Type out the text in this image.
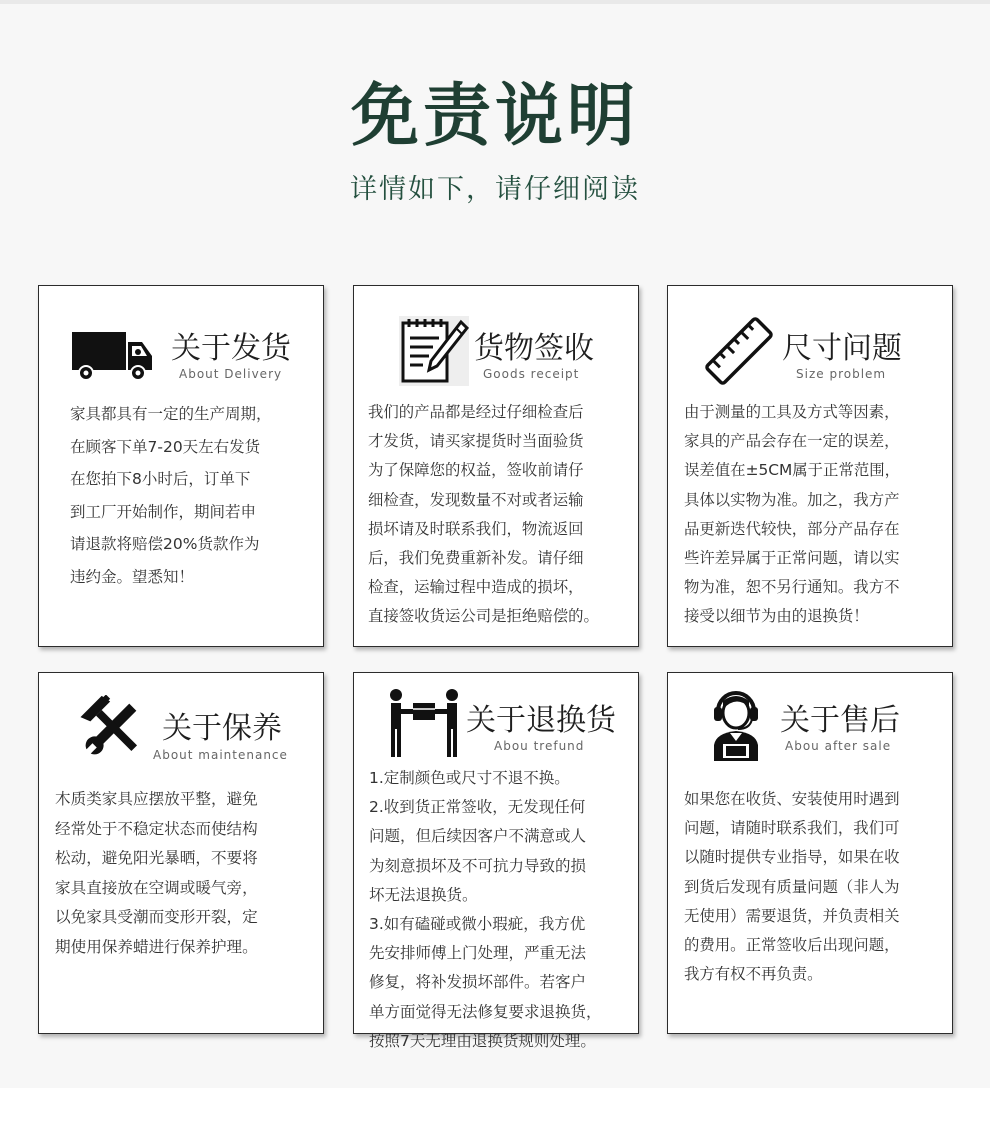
免责说明
详情如下，请仔细阅读
关于发货
About Delivery

家具都具有一定的生产周期，

在顾客下单7-20天左右发货

在您拍下8小时后，订单下

到工厂开始制作，期间若申

请退款将赔偿20%货款作为

违约金。望悉知！

货物签收
Goods receipt

我们的产品都是经过仔细检查后

才发货，请买家提货时当面验货

为了保障您的权益，签收前请仔

细检查，发现数量不对或者运输

损坏请及时联系我们，物流返回

后，我们免费重新补发。请仔细

检查，运输过程中造成的损坏，

直接签收货运公司是拒绝赔偿的。

尺寸问题
Size problem

由于测量的工具及方式等因素，

家具的产品会存在一定的误差，

误差值在±5CM属于正常范围，

具体以实物为准。加之，我方产

品更新迭代较快，部分产品存在

些许差异属于正常问题，请以实

物为准，恕不另行通知。我方不

接受以细节为由的退换货！

关于保养
About maintenance

木质类家具应摆放平整，避免

经常处于不稳定状态而使结构

松动，避免阳光暴晒，不要将

家具直接放在空调或暖气旁，

以免家具受潮而变形开裂，定

期使用保养蜡进行保养护理。

关于退换货
Abou trefund
1.定制颜色或尺寸不退不换。
2.收到货正常签收，无发现任何
问题，但后续因客户不满意或人
为刻意损坏及不可抗力导致的损
坏无法退换货。
3.如有磕碰或微小瑕疵，我方优
先安排师傅上门处理，严重无法
修复，将补发损坏部件。若客户
单方面觉得无法修复要求退换货，
按照7天无理由退换货规则处理。
关于售后
Abou after sale

如果您在收货、安装使用时遇到

问题，请随时联系我们，我们可

以随时提供专业指导，如果在收

到货后发现有质量问题（非人为

无使用）需要退货，并负责相关

的费用。正常签收后出现问题，

我方有权不再负责。
